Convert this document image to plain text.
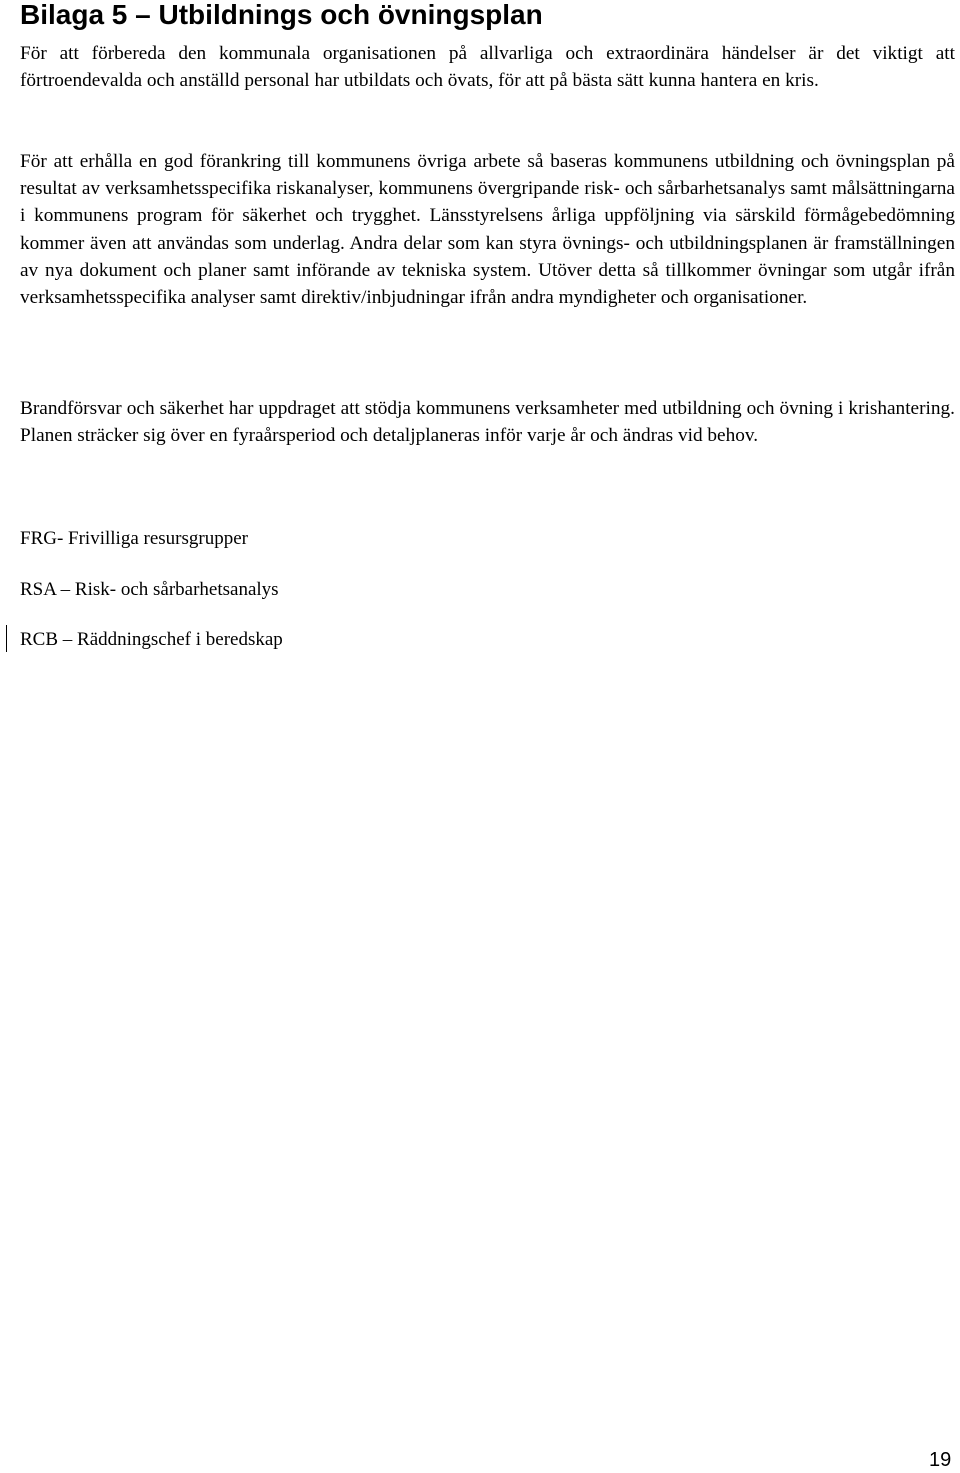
Bilaga 5 – Utbildnings och övningsplan

För att förbereda den kommunala organisationen på allvarliga och extraordinära händelser är det viktigt att förtroendevalda och anställd personal har utbildats och övats, för att på bästa sätt kunna hantera en kris.

För att erhålla en god förankring till kommunens övriga arbete så baseras kommunens utbildning och övningsplan på resultat av verksamhetsspecifika riskanalyser, kommunens övergripande risk- och sårbarhetsanalys samt målsättningarna i kommunens program för säkerhet och trygghet. Länsstyrelsens årliga uppföljning via särskild förmågebedömning kommer även att användas som underlag. Andra delar som kan styra övnings- och utbildningsplanen är framställningen av nya dokument och planer samt införande av tekniska system. Utöver detta så tillkommer övningar som utgår ifrån verksamhetsspecifika analyser samt direktiv/inbjudningar ifrån andra myndigheter och organisationer.

Brandförsvar och säkerhet har uppdraget att stödja kommunens verksamheter med utbildning och övning i krishantering. Planen sträcker sig över en fyraårsperiod och detaljplaneras inför varje år och ändras vid behov.

FRG- Frivilliga resursgrupper

RSA – Risk- och sårbarhetsanalys

RCB – Räddningschef i beredskap

19
